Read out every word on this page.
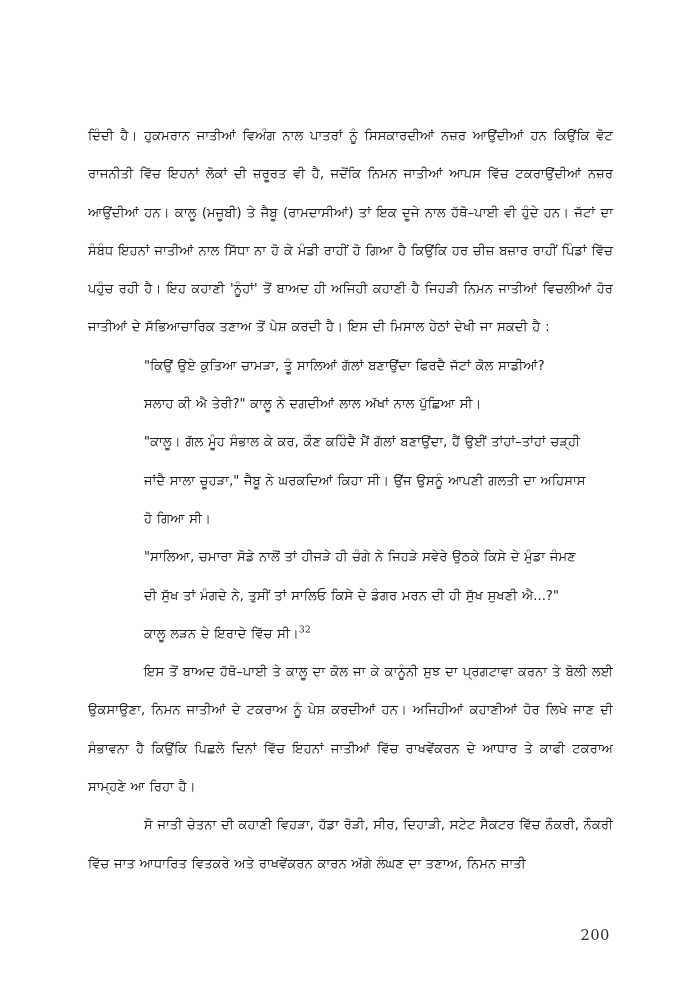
ਦਿੰਦੀ ਹੈ। ਹੁਕਮਰਾਨ ਜਾਤੀਆਂ ਵਿਅੰਗ ਨਾਲ ਪਾਤਰਾਂ ਨੂੰ ਸਿਸਕਾਰਦੀਆਂ ਨਜ਼ਰ ਆਉਂਦੀਆਂ ਹਨ ਕਿਉਂਕਿ ਵੋਟ ਰਾਜਨੀਤੀ ਵਿੱਚ ਇਹਨਾਂ ਲੋਕਾਂ ਦੀ ਜ਼ਰੂਰਤ ਵੀ ਹੈ, ਜਦੋਂਕਿ ਨਿਮਨ ਜਾਤੀਆਂ ਆਪਸ ਵਿੱਚ ਟਕਰਾਉਂਦੀਆਂ ਨਜ਼ਰ ਆਉਂਦੀਆਂ ਹਨ। ਕਾਲੂ (ਮਜ਼ੂਬੀ) ਤੇ ਜੈਬੂ (ਰਾਮਦਾਸੀਆਂ) ਤਾਂ ਇਕ ਦੂਜੇ ਨਾਲ ਹੱਥੋ–ਪਾਈ ਵੀ ਹੁੰਦੇ ਹਨ। ਜੱਟਾਂ ਦਾ ਸੰਬੰਧ ਇਹਨਾਂ ਜਾਤੀਆਂ ਨਾਲ ਸਿੱਧਾ ਨਾ ਹੋ ਕੇ ਮੰਡੀ ਰਾਹੀਂ ਹੋ ਗਿਆ ਹੈ ਕਿਉਂਕਿ ਹਰ ਚੀਜ਼ ਬਜ਼ਾਰ ਰਾਹੀਂ ਪਿੰਡਾਂ ਵਿੱਚ ਪਹੁੰਚ ਰਹੀ ਹੈ। ਇਹ ਕਹਾਣੀ 'ਨੂੰਹਾਂ' ਤੋਂ ਬਾਅਦ ਹੀ ਅਜਿਹੀ ਕਹਾਣੀ ਹੈ ਜਿਹੜੀ ਨਿਮਨ ਜਾਤੀਆਂ ਵਿਚਲੀਆਂ ਹੋਰ ਜਾਤੀਆਂ ਦੇ ਸੱਭਿਆਚਾਰਿਕ ਤਣਾਅ ਤੋਂ ਪੇਸ਼ ਕਰਦੀ ਹੈ। ਇਸ ਦੀ ਮਿਸਾਲ ਹੇਠਾਂ ਦੇਖੀ ਜਾ ਸਕਦੀ ਹੈ :

"ਕਿਉਂ ਉਏ ਕੁਤਿਆ ਚਾਮੜਾ, ਤੂੰ ਸਾਲਿਆਂ ਗੱਲਾਂ ਬਣਾਉਂਦਾ ਫਿਰਦੈ ਜੱਟਾਂ ਕੋਲ ਸਾਡੀਆਂ?
ਸਲਾਹ ਕੀ ਐ ਤੇਰੀ?" ਕਾਲੂ ਨੇ ਦਗਦੀਆਂ ਲਾਲ ਅੱਖਾਂ ਨਾਲ ਪੁੱਛਿਆ ਸੀ।
"ਕਾਲੂ। ਗੱਲ ਮੂੰਹ ਸੰਭਾਲ ਕੇ ਕਰ, ਕੌਣ ਕਹਿੰਦੈ ਮੈਂ ਗੱਲਾਂ ਬਣਾਉਂਦਾ, ਹੈਂ ਉਈਂ ਤਾਂਹਾਂ–ਤਾਂਹਾਂ ਚੜ੍ਹੀ
ਜਾਂਦੈ ਸਾਲਾ ਚੂਹੜਾ," ਜੈਬੂ ਨੇ ਘਰਕਦਿਆਂ ਕਿਹਾ ਸੀ। ਉਂਜ ਉਸਨੂੰ ਆਪਣੀ ਗਲਤੀ ਦਾ ਅਹਿਸਾਸ
ਹੋ ਗਿਆ ਸੀ।
"ਸਾਲਿਆ, ਚਮਾਰਾ ਸੋਡੇ ਨਾਲੋਂ ਤਾਂ ਹੀਜੜੇ ਹੀ ਚੰਗੇ ਨੇ ਜਿਹੜੇ ਸਵੇਰੇ ਉਠਕੇ ਕਿਸੇ ਦੇ ਮੁੰਡਾ ਜੰਮਣ
ਦੀ ਸੁੱਖ ਤਾਂ ਮੰਗਦੇ ਨੇ, ਤੁਸੀਂ ਤਾਂ ਸਾਲਿਓ ਕਿਸੇ ਦੇ ਡੰਗਰ ਮਰਨ ਦੀ ਹੀ ਸੁੱਖ ਸੁਖਣੀ ਐ...?"
ਕਾਲੂ ਲੜਨ ਦੇ ਇਰਾਦੇ ਵਿੱਚ ਸੀ।$^{32}$

ਇਸ ਤੋਂ ਬਾਅਦ ਹੱਥੋ–ਪਾਈ ਤੇ ਕਾਲੂ ਦਾ ਕੋਲ ਜਾ ਕੇ ਕਾਨੂੰਨੀ ਸੁਝ ਦਾ ਪ੍ਰਗਟਾਵਾ ਕਰਨਾ ਤੇ ਬੋਲੀ ਲਈ ਉਕਸਾਉਣਾ, ਨਿਮਨ ਜਾਤੀਆਂ ਦੇ ਟਕਰਾਅ ਨੂੰ ਪੇਸ਼ ਕਰਦੀਆਂ ਹਨ। ਅਜਿਹੀਆਂ ਕਹਾਣੀਆਂ ਹੋਰ ਲਿਖੇ ਜਾਣ ਦੀ ਸੰਭਾਵਨਾ ਹੈ ਕਿਉਂਕਿ ਪਿਛਲੇ ਦਿਨਾਂ ਵਿੱਚ ਇਹਨਾਂ ਜਾਤੀਆਂ ਵਿੱਚ ਰਾਖਵੇਂਕਰਨ ਦੇ ਆਧਾਰ ਤੇ ਕਾਫੀ ਟਕਰਾਅ ਸਾਮ੍ਹਣੇ ਆ ਰਿਹਾ ਹੈ।

ਸੋ ਜਾਤੀ ਚੇਤਨਾ ਦੀ ਕਹਾਣੀ ਵਿਹੜਾ, ਹੱਡਾ ਰੋੜੀ, ਸੀਰ, ਦਿਹਾੜੀ, ਸਟੇਟ ਸੈਕਟਰ ਵਿੱਚ ਨੌਕਰੀ, ਨੌਕਰੀ ਵਿੱਚ ਜਾਤ ਆਧਾਰਿਤ ਵਿਤਕਰੇ ਅਤੇ ਰਾਖਵੇਂਕਰਨ ਕਾਰਨ ਅੱਗੇ ਲੰਘਣ ਦਾ ਤਣਾਅ, ਨਿਮਨ ਜਾਤੀ

200
